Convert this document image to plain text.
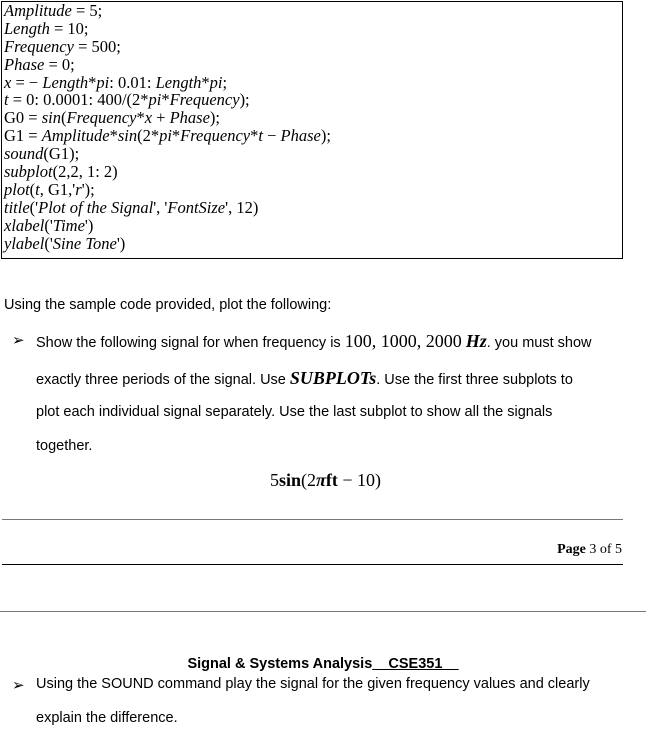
Amplitude = 5;
Length = 10;
Frequency = 500;
Phase = 0;
x = − Length*pi: 0.01: Length*pi;
t = 0: 0.0001: 400/(2*pi*Frequency);
G0 = sin(Frequency*x + Phase);
G1 = Amplitude*sin(2*pi*Frequency*t − Phase);
sound(G1);
subplot(2,2, 1: 2)
plot(t, G1,'r');
title('Plot of the Signal', 'FontSize', 12)
xlabel('Time')
ylabel('Sine Tone')
Using the sample code provided, plot the following:
➢ Show the following signal for when frequency is 100, 1000, 2000 Hz. you must show
exactly three periods of the signal. Use SUBPLOTs. Use the first three subplots to
plot each individual signal separately. Use the last subplot to show all the signals
together.
5sin(2πft − 10)
Page 3 of 5
Signal & Systems Analysis__CSE351__
➢ Using the SOUND command play the signal for the given frequency values and clearly
explain the difference.
